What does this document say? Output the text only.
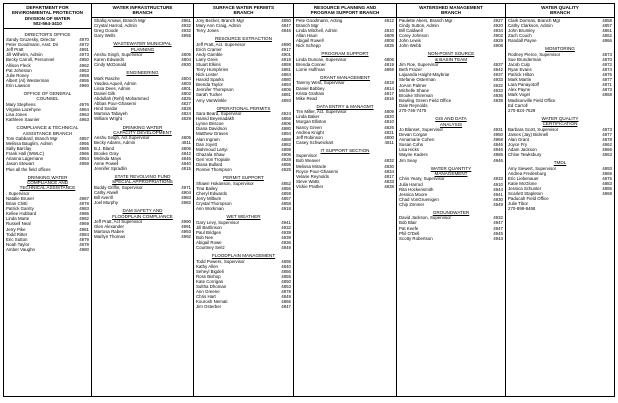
DEPARTMENT FOR
ENVIRONMENTAL PROTECTION
DIVISION OF WATER
502-564-3410
DIRECTOR'S OFFICE
Sandy Gruzesky, Director	4970
Peter Goodmann, Asst. Dir	4972
Jeff Pratt	4991
Jill Wilhelm, Admin	4973
Becky Carroll, Personnel	4950
Allison Fleck	4962
Pat Johnston	4953
Julie Roney	4958
Albert (Al) Westerman	4955
Erin Lawson	4960
OFFICE OF GENERAL
COUNSEL
Mary Stephens	4976
Virginia Lazehyne	4964
Lisa Jones	4963
Kathleen Saunier	4963
COMPLIANCE & TECHNICAL
ASSISTANCE BRANCH
Tom Gabbard, Branch Mgr	4957
Melissa Bauglim, Admin	4956
Sally Barclay	4965
Frank Hall (WWLC)	4966
Arianna Lagemann	4954
Jason Stewart	4959
Plus all the field offices
DRINKING WATER
COMPLIANCE AND
TECHNICAL ASSISTANCE
. Supervisor
Natalie Bruner	4987
Brian Chitti	4978
Patrick Garrity	4983
Kellee Hubbard	4986
Linda Marte	4982
Russell Neal	4969
Jerry Pike	4981
Todd Ritter	4984
Eric Sutton	4979
Noah Taylor	4978
Amber Vaughn	4980
WATER INFRASTRUCTURE
BRANCH
Shafiq Amawi, Branch Mgr	4961
Crystal Harrod, Admin	4932
Greg Goode	4932
Gary Wells	4955
WASTEWATER MUNICIPAL
PLANNING
Anshu Singh, Supervisor	4805
Karen Edwards	4804
Cindy McDonald	4930
ENGINEERING
Mark Rasche	4804
Yasdea Aqueil, Admin	4803
Lissa Dees, Admin	4801
Daniel Gilk	4802
Abdullah (Rehl) Mohammed	4825
Abbas Pour-Ghasemi	4827
Hind Sardar	4828
Martosa Tabayeh	4824
William Wright	4829
DRINKING WATER
CAPACITY DEVELOPMENT
Anshu Singh, Act Supervisor	4805
Becky Adams, Admin	4811
B.J. Bland	4806
Brooke Gray	4842
Melinda Mays	4846
Anne Powell	4840
Jennifer Spradlin	4815
STATE REVOLVING FUND
SPECIAL APPROPRIATIONS
Buddy Griffin, Supervisor	4971
Cathy Atwell	4904
Bill Averill	4983
Joel Murphy	4982
DAM SAFETY AND
FLOODPLAIN COMPLIANCE
Jeff Pratt, Act Supervisor	4990
Glen Alexander	4991
Martosa Rabee	4993
Marilyn Thomas	4992
SURFACE WATER PERMITS
BRANCH
Jory Becker, Branch Mgr	4850
Mary Ann Craig, Admin	4847
Terry Jones	4846
RESOURCE EXTRACTION
Jeff Pratt, Act. Supervisor	4990
Erich Cramer	4917
Andy Gamble	4901
Larry Greis	4918
Stuart Elkins	4859
Terry Humphries	4881
Nick Lester	4884
Harold Sparks	4880
Brenda Taylor	4893
Jennifer Thompson	4806
Sarah Tucker	4881
Amy VanWinkle	4893
OPERATIONAL PERMITS
Sara Beard, Supervisor	4924
Hamid Beyenadakh	4866
Lynne Briscoe	4906
Diana Davidson	4880
Matthew Graves	4894
Alan Ingram	4888
Dan Joyett	4882
Mahmoud Lartyi	4898
Ghazala Shaw	4906
Geri Von Tropiale	4928
Diana Bullard	4895
Ronnie Thompson	4925
PERMIT SUPPORT
Shawn Hokanson, Supervisor	4852
Tina Bailey	4856
Cheryl Edwards	4859
Jerry Milburn	4857
Crystal Thompson	4858
Ann Workman	4918
WET WEATHER
Gary Levy, Supervisor	4941
Jill Bartlinson	4932
Paul Bridges	4939
Bob Nee	4939
Abigail Rowe	4936
Courtney Seitz	4949
FLOODPLAIN MANAGEMENT
Todd Powers, Supervisor	4895
Kathy Allen	4840
Seheyl Bigdeli	4856
Ross Bishop	4855
Kate Corrigan	4850
Sultha Dhoman	4853
Ann Greene	4878
Chris Hart	4849
Kourosh Nemati	4866
Jim Osterber	4847
RESOURCE PLANNING AND
PROGRAM SUPPORT BRANCH
Pete Goodmann, Acting	4812
Branch Mgr
Linda Mitchell, Admin	4810
Allan Haun	4809
Abigail Rowell	4808
Nick Schepp	4835
PROGRAM SUPPORT
Linda Duncan, Supervisor	4806
Brenda Conner	4819
Lorrie Huffman	4869
GRANT MANAGEMENT
Tammy West, Supervisor	4818
Daniel Babbey	4814
Krista Graham	4817
Mike Read	4816
DATA ENTRY & MANAGMT
Tim Miller, Act. Supervisor	4809
Linda Baker	4820
Morgan Elliston	4810
Nancy Green	4826
Andrea Knight	4821
Jeff Robinson	4800
Casey Schweickart	4811
IT SUPPORT SECTION
Supervisor
Bob Weaver	4832
Melissa Miracle	4830
Royce Pour-Ghasemi	4834
Velarie Reynolds	4817
Steve Watts	4833
Vickie Prather	4838
WATERSHED MANAGEMENT
BRANCH
Paulette Akers, Branch Mgr	4927
Cindy Sutton, Admin	4920
Bill Caldwell	4934
Corey Johnson	4902
John Lewis	4929
John Webb	4908
NON-POINT SOURCE
& BASIN TEAM
Jim Roe, Supervisor	4937
Beth Frazer	4942
Lajuanda Haight-Maybriar	4937
Stefanie Osterman	4933
JoAnn Palmer	4932
Michelle Shane	4933
Brooke Shireman	4936
Bowling Green Field Office	4938
Dale Reynolds
270-746-7475
GIS AND DATA
ANALYSIS
Jo Blanset, Supervisor	4931
Devan Corgan	4950
Annamarie Cohen	4968
Susan Cohn	4946
Lisa Hicks	4946
Wayne Kaders	4985
Jim Seay	4946
WATER QUANTITY
MANAGEMENT
Chris Yeary, Supervisor	4933
Julia Harrod	4910
Rita Hockensmith	4944
Jessica Moore	4941
Chad VonGruenigen	4930
Chip Zimmer	4949
GROUNDWATER
David Jackson, Supervisor	4932
Bob Blair	4947
Pat Keefe	4947
Phil O'Dell	4945
Scotty Robertson	4943
WATER QUALITY
BRANCH
Clark Dorman, Branch Mgr	4858
Cathy Clarkson, Admin	4857
John Brumley	4861
Zach Couch	4862
Randall Payne	4866
MONITORING
Rodney Pierce, Supervisor	4873
Sue Brunderman	4870
Jacob Culp	4872
Ryan Evans	4874
Patrick Hilton	4876
Mark Martin	4877
Lara Panayotoff	4871
Alex Payne	4873
Mark Vogel	4868
Madisonville Field Office
Ed Carroll
270-824-7529
WATER QUALITY
CERTIFICATION
Barbara Scott, Supervisor	4873
James (Jay) Bicknell	4877
Alan Grant	4878
Joyce Fry	4862
Adam Jackson	4866
Chloe Tewksbury	4863
TMDL
Amy Siewert, Supervisor	4893
Andrea Fredenburg	4869
Eric Liebenauer	4875
Katie McGlone	4883
Jessica Schuster	4885
Scarlett Stapleton	4868
Paducah Field Office
Julie Tibor
270-898-8468
